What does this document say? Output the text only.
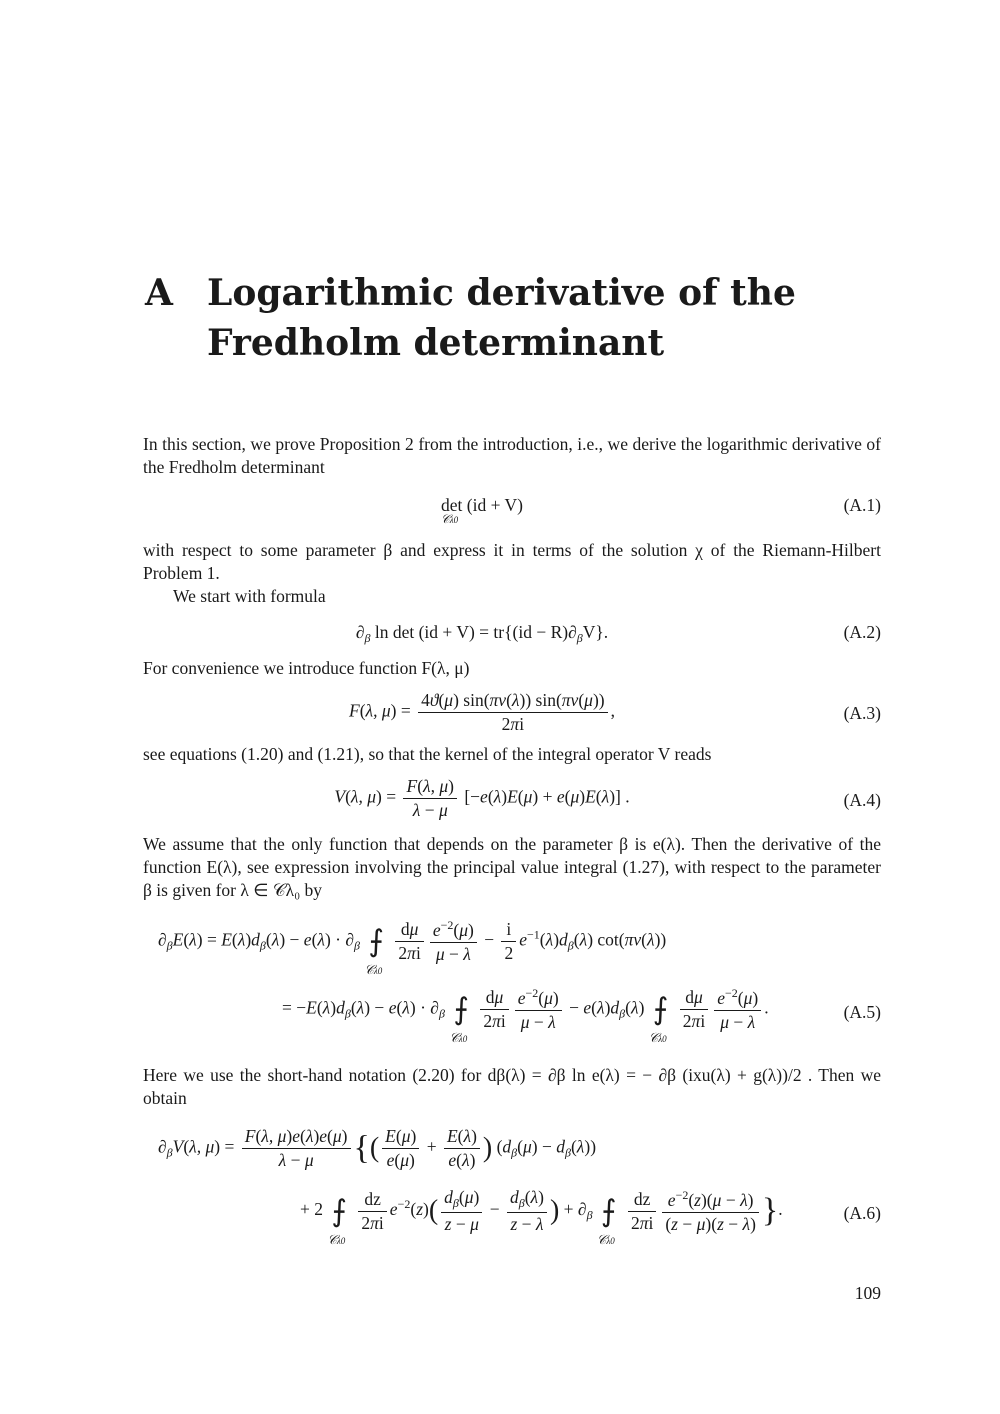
A Logarithmic derivative of the Fredholm determinant
In this section, we prove Proposition 2 from the introduction, i.e., we derive the logarithmic derivative of the Fredholm determinant
det
𝒞λ0
(id + V)	(A.1)
with respect to some parameter β and express it in terms of the solution χ of the Riemann-Hilbert Problem 1.
We start with formula
$\partial_\beta$ $\ln \det (id + V) = tr\{(id - R)\partial_\beta V\}$.	(A.2)
For convenience we introduce function F(λ, μ)
F(λ, $\mu) = \frac{4ϑ(\mu) \sin(\pi\nu(\lambda)) \sin(\pi\nu(\mu))}{2\pi i}$ ,	(A.3)
see equations (1.20) and (1.21), so that the kernel of the integral operator V reads
V(λ, $\mu) = \frac{F(\lambda, \mu)}{\lambda - \mu} [-e(\lambda)E(\mu) + e(\mu)E(\lambda)]$ .	(A.4)
We assume that the only function that depends on the parameter β is e(λ). Then the derivative of the function E(λ), see expression involving the principal value integral (1.27), with respect to the parameter β is given for λ ∈ 𝒞λ₀ by
$\partial_\beta E(\lambda) = E(\lambda)d_\beta(\lambda) - e(\lambda) \cdot \partial_\beta$ ⨍
𝒞λ0

$\frac{d\mu}{2\pi i} \frac{e^{-2}(\mu)}{\mu - \lambda} - \frac{i}{2} e^{-1}(\lambda)d_\beta(\lambda)$ cot(πν(λ))
= $-E(\lambda)d_\beta(\lambda) - e(\lambda) \cdot \partial_\beta$ ⨍
𝒞λ0

$\frac{d\mu}{2\pi i} \frac{e^{-2}(\mu)}{\mu - \lambda} - e(\lambda)d_\beta(\lambda)$ ⨍
𝒞λ0

$\frac{d\mu}{2\pi i} \frac{e^{-2}(\mu)}{\mu - \lambda}$ .	(A.5)
Here we use the short-hand notation (2.20) for dβ(λ) = ∂β ln e(λ) = − ∂β (ixu(λ) + g(λ))/2 . Then we obtain
$\partial_\beta V(\lambda$, $\mu) = \frac{F(\lambda, \mu)e(\lambda)e(\mu)}{\lambda - \mu}$ {( $\frac{E(\mu)}{e(\mu)} + \frac{E(\lambda)}{e(\lambda)}$ ) $(d_\beta(\mu) - d_\beta(\lambda))$
+ 2 ⨍
𝒞λ0

$\frac{dz}{2\pi i} e^{-2}(z)( \frac{d_\beta(\mu)}{z - \mu} - \frac{d_\beta(\lambda)}{z - \lambda}$ ) + $\partial_\beta$ ⨍
𝒞λ0

$\frac{dz}{2\pi i} \frac{e^{-2}(z)(\mu - \lambda)}{(z - \mu)(z - \lambda)}$ }.	(A.6)
109
